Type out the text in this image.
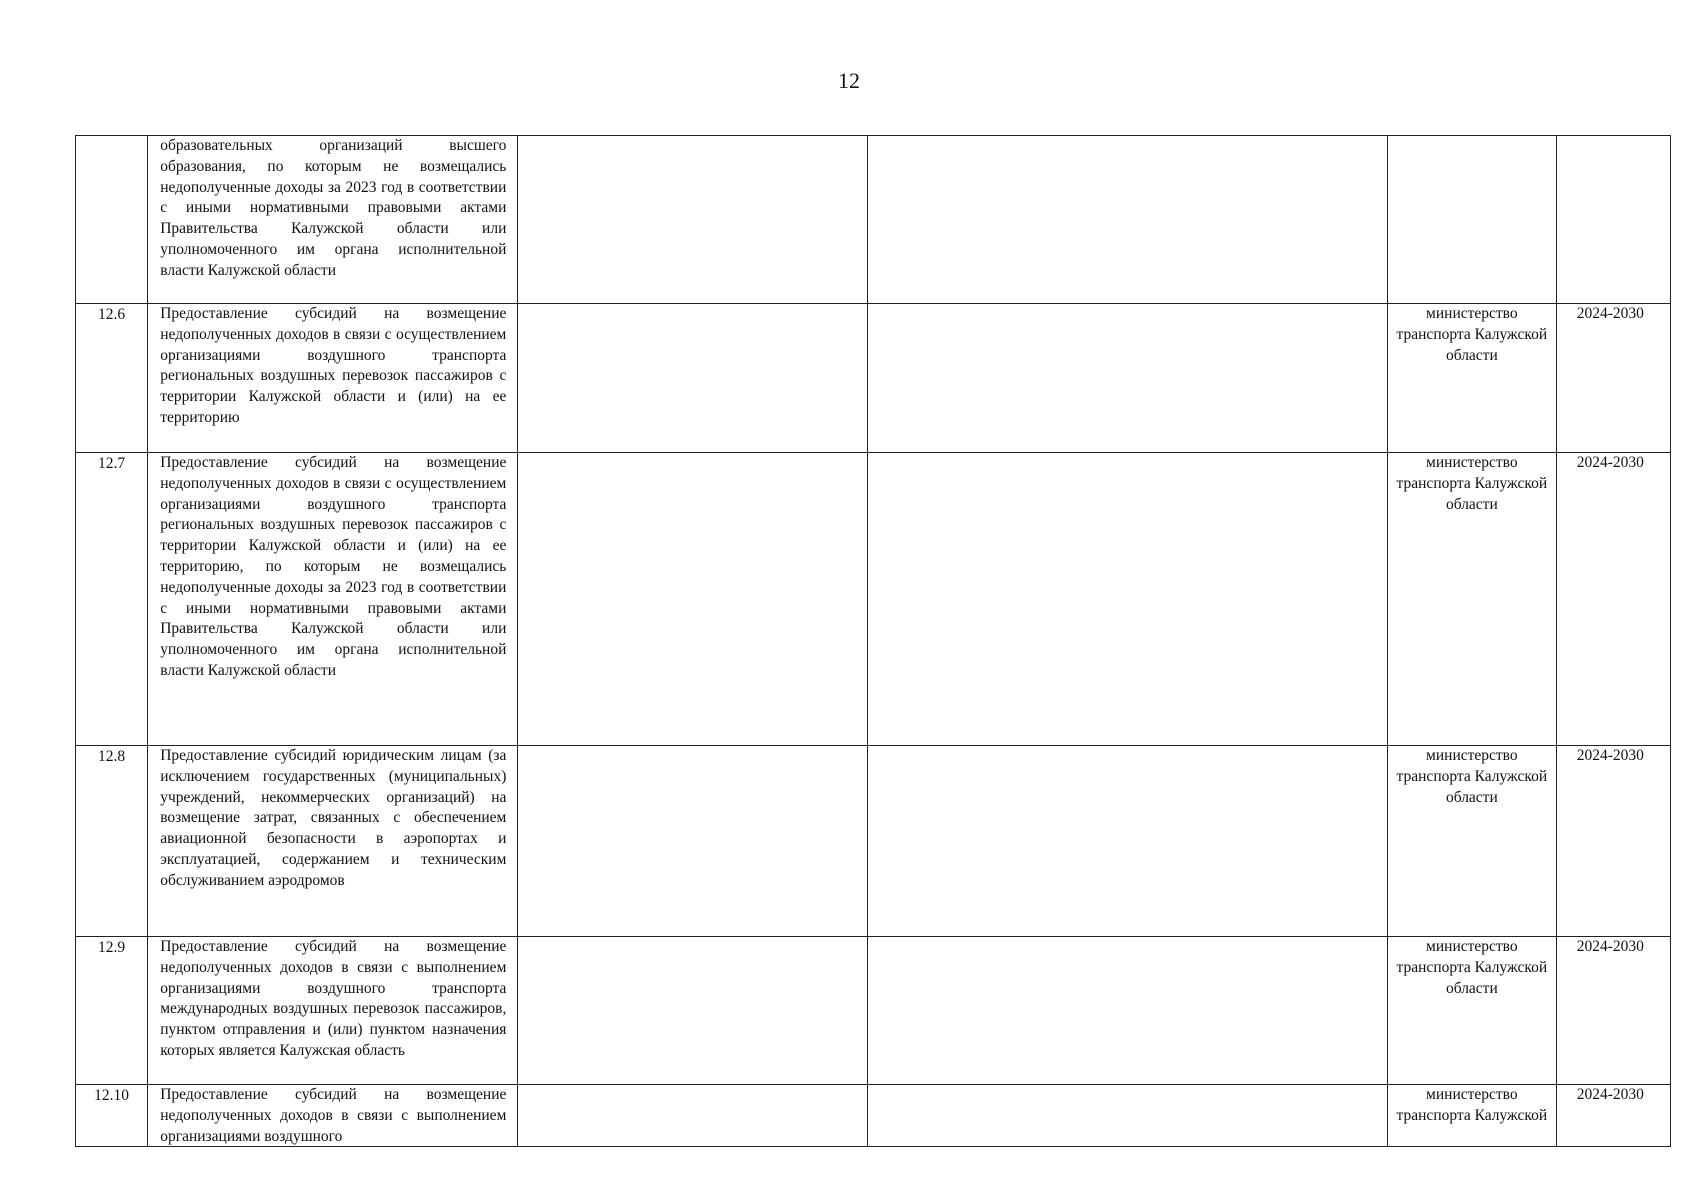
12

	образовательных организаций высшего образования, по которым не возмещались недополученные доходы за 2023 год в соответствии с иными нормативными правовыми актами Правительства Калужской области или уполномоченного им органа исполнительной власти Калужской области				

12.6	Предоставление субсидий на возмещение недополученных доходов в связи с осуществлением организациями воздушного транспорта региональных воздушных перевозок пассажиров с территории Калужской области и (или) на ее территорию			министерство транспорта Калужской области	2024-2030

12.7	Предоставление субсидий на возмещение недополученных доходов в связи с осуществлением организациями воздушного транспорта региональных воздушных перевозок пассажиров с территории Калужской области и (или) на ее территорию, по которым не возмещались недополученные доходы за 2023 год в соответствии с иными нормативными правовыми актами Правительства Калужской области или уполномоченного им органа исполнительной власти Калужской области			министерство транспорта Калужской области	2024-2030

12.8	Предоставление субсидий юридическим лицам (за исключением государственных (муниципальных) учреждений, некоммерческих организаций) на возмещение затрат, связанных с обеспечением авиационной безопасности в аэропортах и эксплуатацией, содержанием и техническим обслуживанием аэродромов			министерство транспорта Калужской области	2024-2030

12.9	Предоставление субсидий на возмещение недополученных доходов в связи с выполнением организациями воздушного транспорта международных воздушных перевозок пассажиров, пунктом отправления и (или) пунктом назначения которых является Калужская область			министерство транспорта Калужской области	2024-2030

12.10	Предоставление субсидий на возмещение недополученных доходов в связи с выполнением организациями воздушного			министерство транспорта Калужской	2024-2030
